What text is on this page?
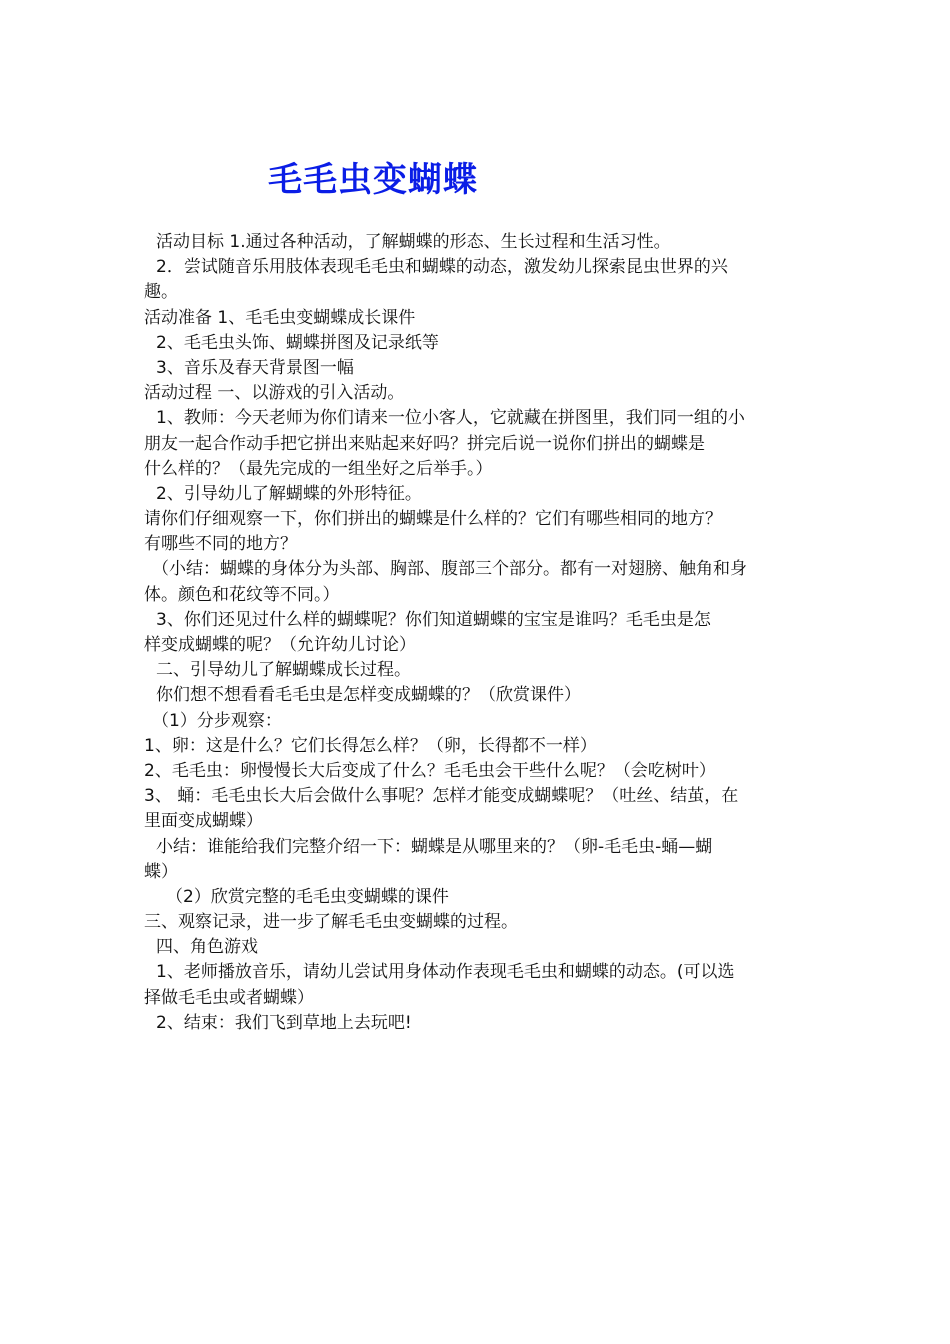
毛毛虫变蝴蝶
活动目标 1.通过各种活动，了解蝴蝶的形态、生长过程和生活习性。
2．尝试随音乐用肢体表现毛毛虫和蝴蝶的动态，激发幼儿探索昆虫世界的兴
趣。
活动准备 1、毛毛虫变蝴蝶成长课件
2、毛毛虫头饰、蝴蝶拼图及记录纸等
3、音乐及春天背景图一幅
活动过程 一、以游戏的引入活动。
1、教师：今天老师为你们请来一位小客人，它就藏在拼图里，我们同一组的小
朋友一起合作动手把它拼出来贴起来好吗？拼完后说一说你们拼出的蝴蝶是
什么样的？（最先完成的一组坐好之后举手。）
2、引导幼儿了解蝴蝶的外形特征。
请你们仔细观察一下，你们拼出的蝴蝶是什么样的？它们有哪些相同的地方？
有哪些不同的地方？
（小结：蝴蝶的身体分为头部、胸部、腹部三个部分。都有一对翅膀、触角和身
体。颜色和花纹等不同。）
3、你们还见过什么样的蝴蝶呢？你们知道蝴蝶的宝宝是谁吗？毛毛虫是怎
样变成蝴蝶的呢？（允许幼儿讨论）
二、引导幼儿了解蝴蝶成长过程。
你们想不想看看毛毛虫是怎样变成蝴蝶的？（欣赏课件）
（1）分步观察：
1、卵：这是什么？它们长得怎么样？（卵，长得都不一样）
2、毛毛虫：卵慢慢长大后变成了什么？毛毛虫会干些什么呢？（会吃树叶）
3、 蛹：毛毛虫长大后会做什么事呢？怎样才能变成蝴蝶呢？（吐丝、结茧，在
里面变成蝴蝶）
小结：谁能给我们完整介绍一下：蝴蝶是从哪里来的？（卵-毛毛虫-蛹—蝴
蝶）
（2）欣赏完整的毛毛虫变蝴蝶的课件
三、观察记录，进一步了解毛毛虫变蝴蝶的过程。
四、角色游戏
1、老师播放音乐，请幼儿尝试用身体动作表现毛毛虫和蝴蝶的动态。(可以选
择做毛毛虫或者蝴蝶）
2、结束：我们飞到草地上去玩吧!
